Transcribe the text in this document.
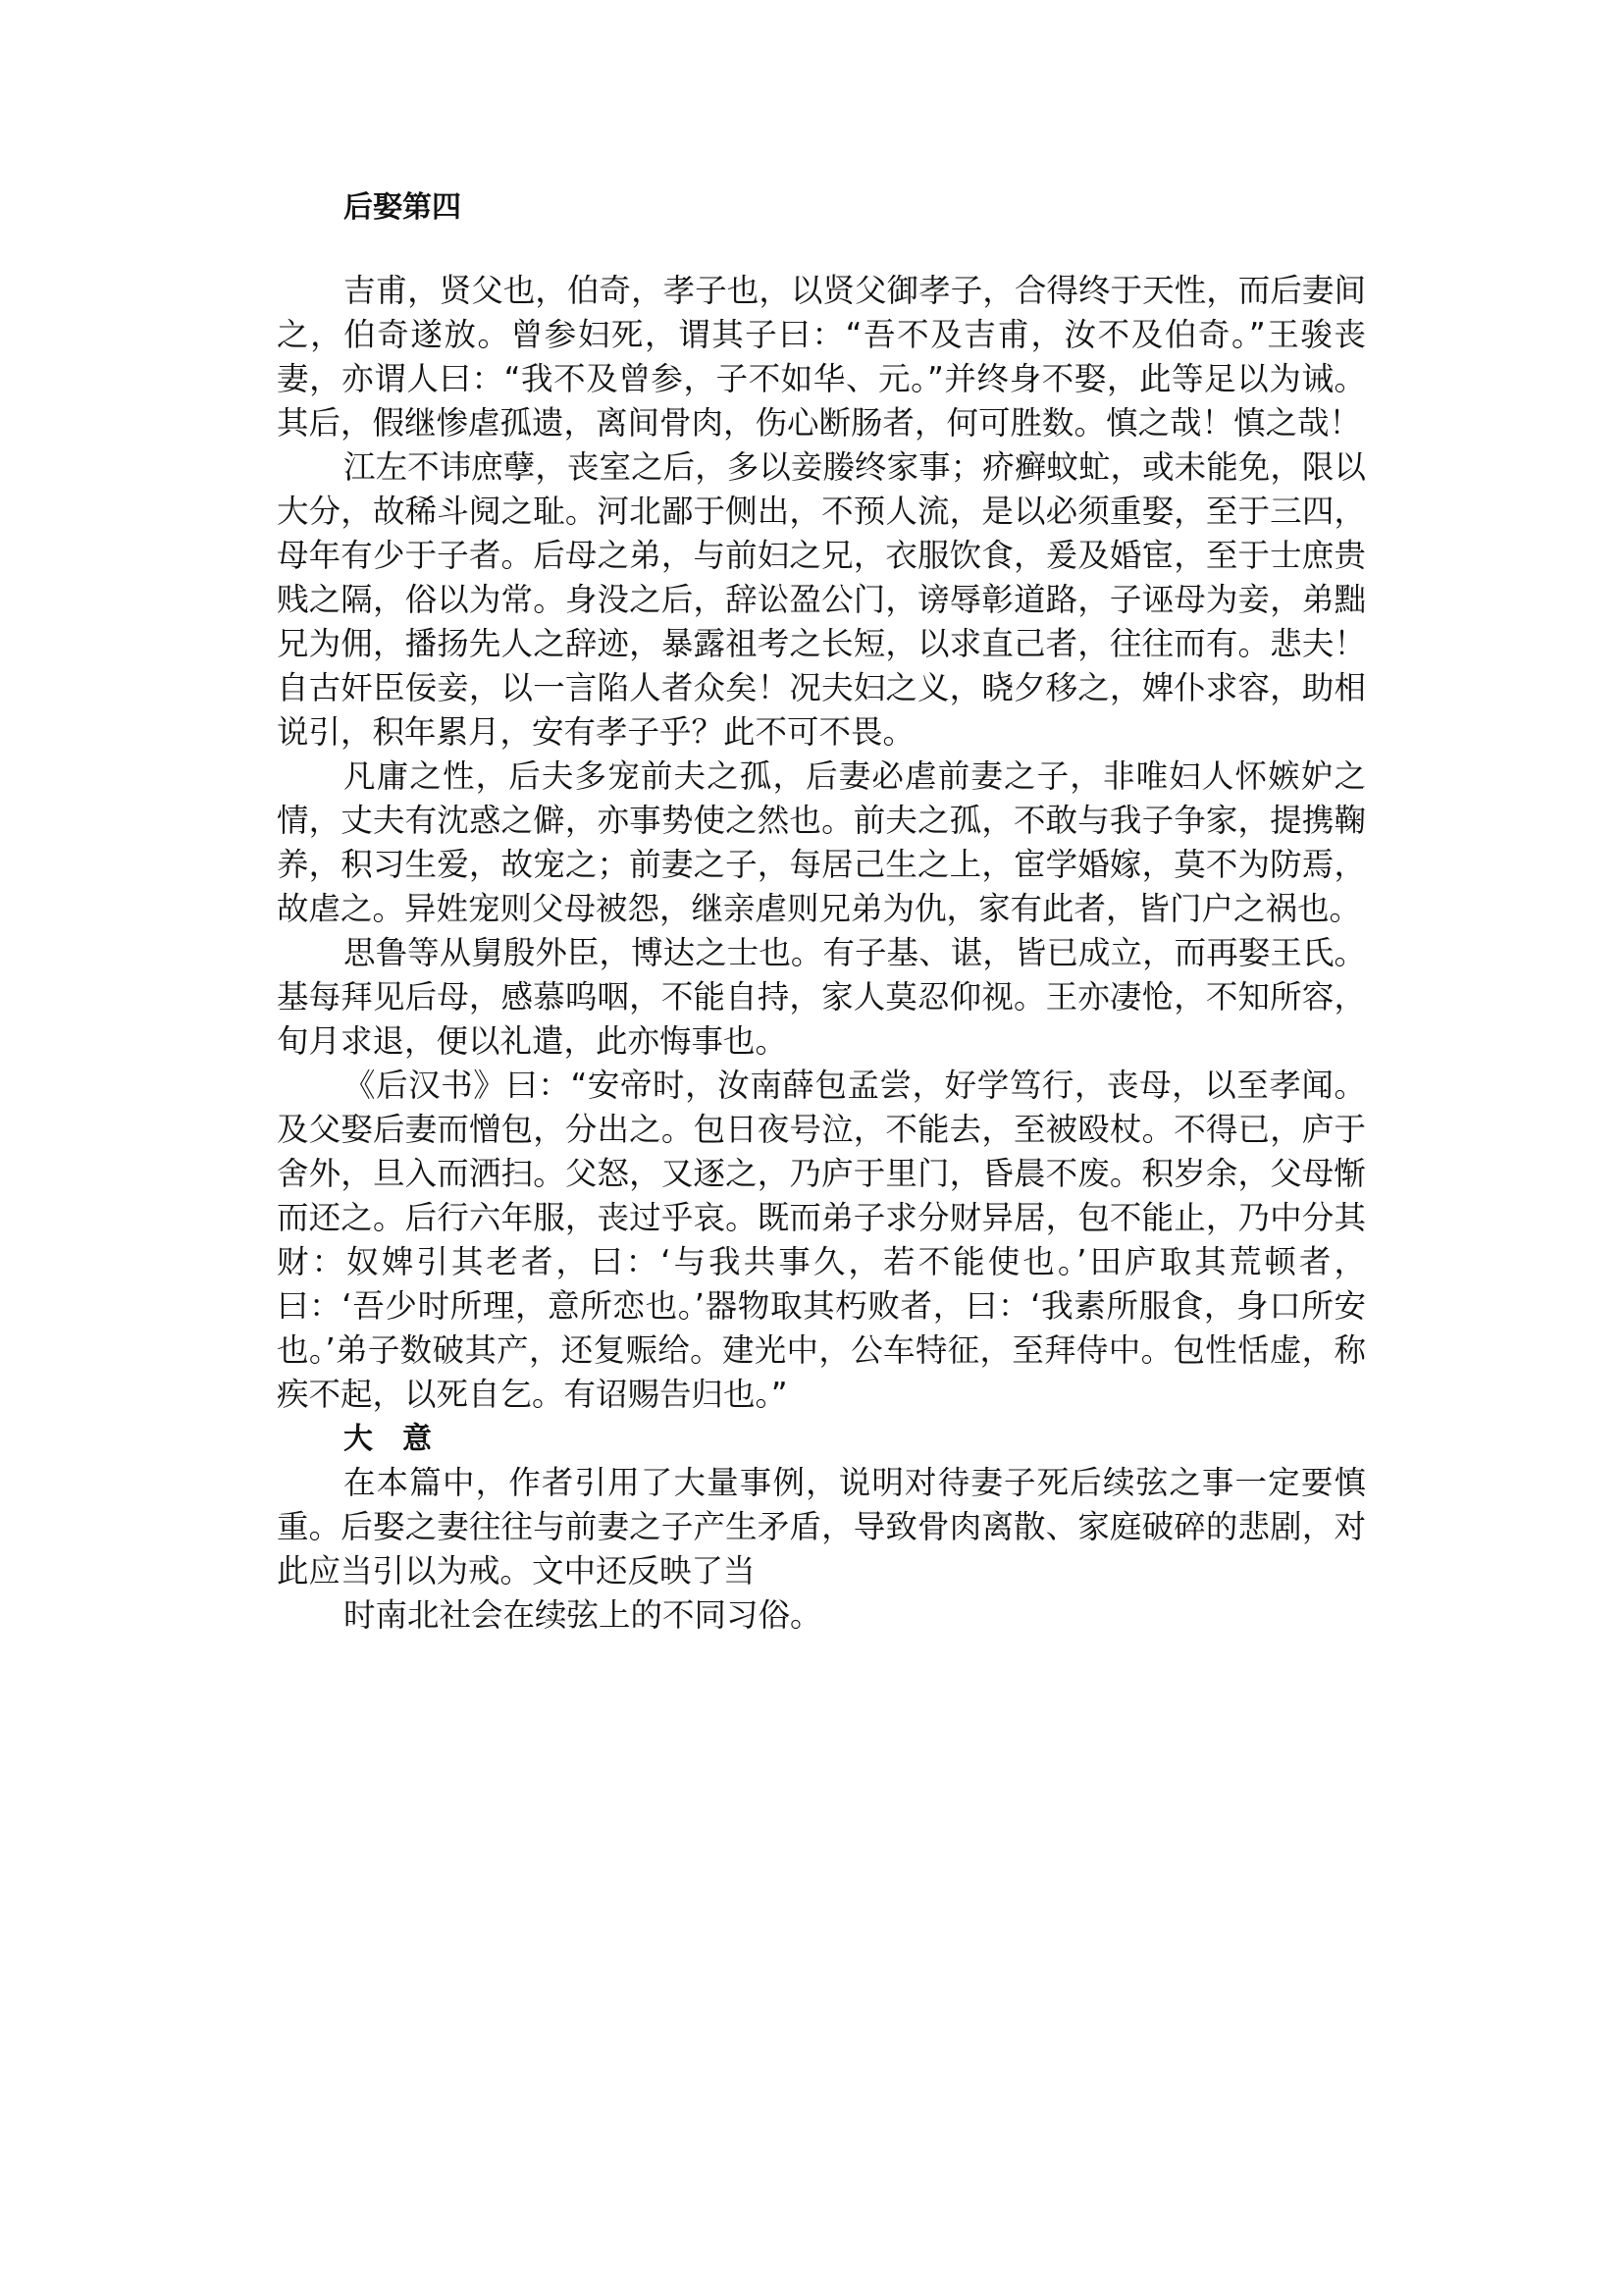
后娶第四

吉甫，贤父也，伯奇，孝子也，以贤父御孝子，合得终于天性，而后妻间之，伯奇遂放。曾参妇死，谓其子曰：“吾不及吉甫，汝不及伯奇。”王骏丧妻，亦谓人曰：“我不及曾参，子不如华、元。”并终身不娶，此等足以为诫。其后，假继惨虐孤遗，离间骨肉，伤心断肠者，何可胜数。慎之哉！慎之哉！

江左不讳庶孽，丧室之后，多以妾媵终家事；疥癣蚊虻，或未能免，限以大分，故稀斗阋之耻。河北鄙于侧出，不预人流，是以必须重娶，至于三四，母年有少于子者。后母之弟，与前妇之兄，衣服饮食，爰及婚宦，至于士庶贵贱之隔，俗以为常。身没之后，辞讼盈公门，谤辱彰道路，子诬母为妾，弟黜兄为佣，播扬先人之辞迹，暴露祖考之长短，以求直己者，往往而有。悲夫！自古奸臣佞妾，以一言陷人者众矣！况夫妇之义，晓夕移之，婢仆求容，助相说引，积年累月，安有孝子乎？此不可不畏。

凡庸之性，后夫多宠前夫之孤，后妻必虐前妻之子，非唯妇人怀嫉妒之情，丈夫有沈惑之僻，亦事势使之然也。前夫之孤，不敢与我子争家，提携鞠养，积习生爱，故宠之；前妻之子，每居己生之上，宦学婚嫁，莫不为防焉，故虐之。异姓宠则父母被怨，继亲虐则兄弟为仇，家有此者，皆门户之祸也。

思鲁等从舅殷外臣，博达之士也。有子基、谌，皆已成立，而再娶王氏。基每拜见后母，感慕呜咽，不能自持，家人莫忍仰视。王亦凄怆，不知所容，旬月求退，便以礼遣，此亦悔事也。

《后汉书》曰：“安帝时，汝南薛包孟尝，好学笃行，丧母，以至孝闻。及父娶后妻而憎包，分出之。包日夜号泣，不能去，至被殴杖。不得已，庐于舍外，旦入而洒扫。父怒，又逐之，乃庐于里门，昏晨不废。积岁余，父母惭而还之。后行六年服，丧过乎哀。既而弟子求分财异居，包不能止，乃中分其财：奴婢引其老者，曰：‘与我共事久，若不能使也。’田庐取其荒顿者，曰：‘吾少时所理，意所恋也。’器物取其朽败者，曰：‘我素所服食，身口所安也。’弟子数破其产，还复赈给。建光中，公车特征，至拜侍中。包性恬虚，称疾不起，以死自乞。有诏赐告归也。”

大意

在本篇中，作者引用了大量事例，说明对待妻子死后续弦之事一定要慎重。后娶之妻往往与前妻之子产生矛盾，导致骨肉离散、家庭破碎的悲剧，对此应当引以为戒。文中还反映了当

时南北社会在续弦上的不同习俗。
